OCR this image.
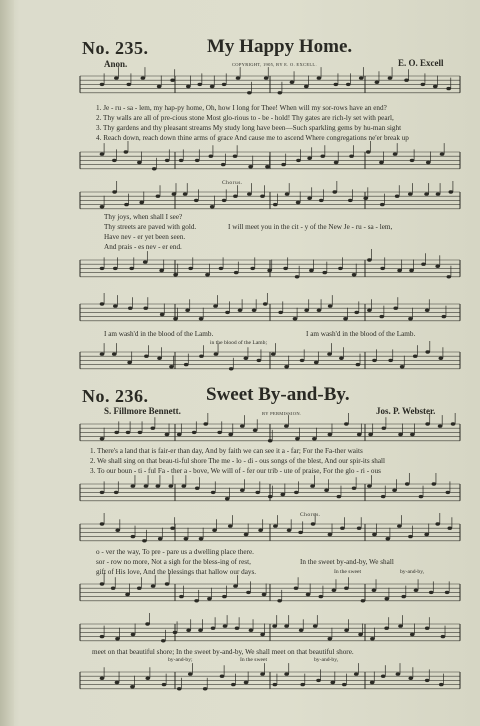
No. 235.	My Happy Home.
Anon.	COPYRIGHT, 1905, BY E. O. EXCELL.	E. O. Excell
1. Je - ru - sa - lem, my hap-py home, Oh, how I long for Thee! When will my sor-rows have an end?
2. Thy walls are all of pre-cious stone Most glo-rious to - be - hold! Thy gates are rich-ly set with pearl,
3. Thy gardens and thy pleasant streams My study long have been—Such sparkling gems by hu-man sight
4. Reach down, reach down thine arms of grace And cause me to ascend Where congregations ne'er break up
Chorus.
Thy joys, when shall I see?
Thy streets are paved with gold.	I will meet you in the cit - y of the New Je - ru - sa - lem,
Have nev - er yet been seen.
And prais - es nev - er end.
I am wash'd in the blood of the Lamb.
in the blood of the Lamb;
I am wash'd in the blood of the Lamb.
No. 236.	Sweet By-and-By.
BY PERMISSION.
S. Fillmore Bennett.	Jos. P. Webster.
1. There's a land that is fair-er than day, And by faith we can see it a - far; For the Fa-ther waits
2. We shall sing on that beau-ti-ful shore The me - lo - di - ous songs of the blest, And our spir-its shall
3. To our boun - ti - ful Fa - ther a - bove, We will of - fer our trib - ute of praise, For the glo - ri - ous
Chorus.
o - ver the way, To pre - pare us a dwelling place there.
sor - row no more, Not a sigh for the bless-ing of rest,	In the sweet by-and-by, We shall
gift of His love, And the blessings that hallow our days.	In the sweet	by-and-by,
meet on that beautiful shore; In the sweet by-and-by, We shall meet on that beautiful shore.
by-and-by;	In the sweet	by-and-by,
